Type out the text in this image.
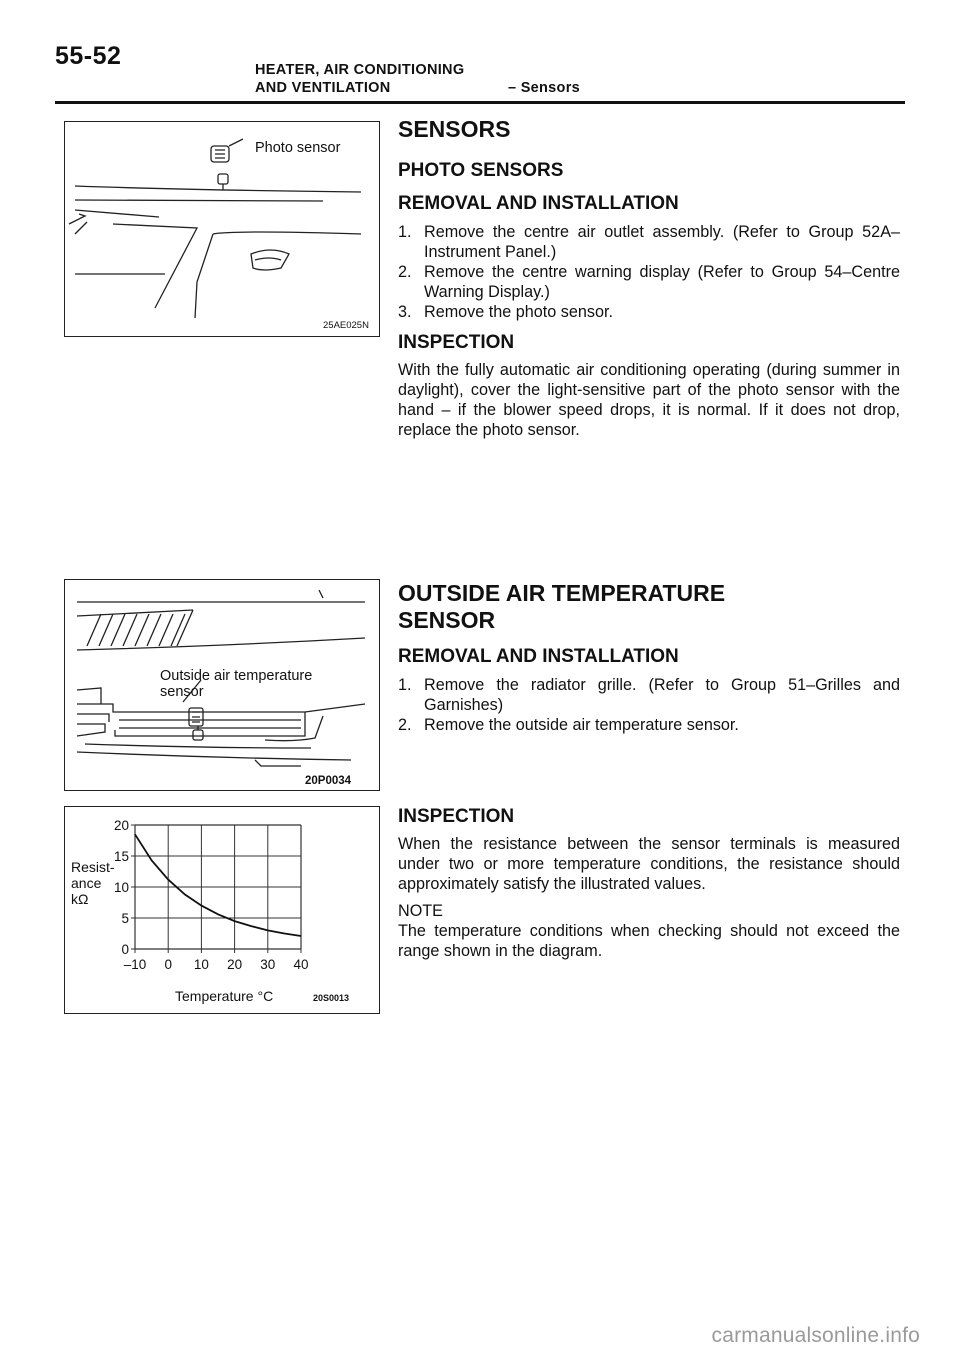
55-52	HEATER, AIR CONDITIONING
AND VENTILATION	– Sensors
Photo sensor
25AE025N
Outside air temperature
sensor
20P0034
Resist-
ance
kΩ
20
15
10
5
0
–10 0 10 20 30 40
Temperature °C	20S0013
SENSORS
PHOTO SENSORS
REMOVAL AND INSTALLATION
1. Remove the centre air outlet assembly. (Refer to Group 52A–Instrument Panel.)
2. Remove the centre warning display (Refer to Group 54–Centre Warning Display.)
3. Remove the photo sensor.
INSPECTION
With the fully automatic air conditioning operating (during summer in daylight), cover the light-sensitive part of the photo sensor with the hand – if the blower speed drops, it is normal. If it does not drop, replace the photo sensor.
OUTSIDE AIR TEMPERATURE
SENSOR
REMOVAL AND INSTALLATION
1. Remove the radiator grille. (Refer to Group 51–Grilles and Garnishes)
2. Remove the outside air temperature sensor.
INSPECTION
When the resistance between the sensor terminals is measured under two or more temperature conditions, the resistance should approximately satisfy the illustrated values.
NOTE
The temperature conditions when checking should not exceed the range shown in the diagram.
carmanualsonline.info
